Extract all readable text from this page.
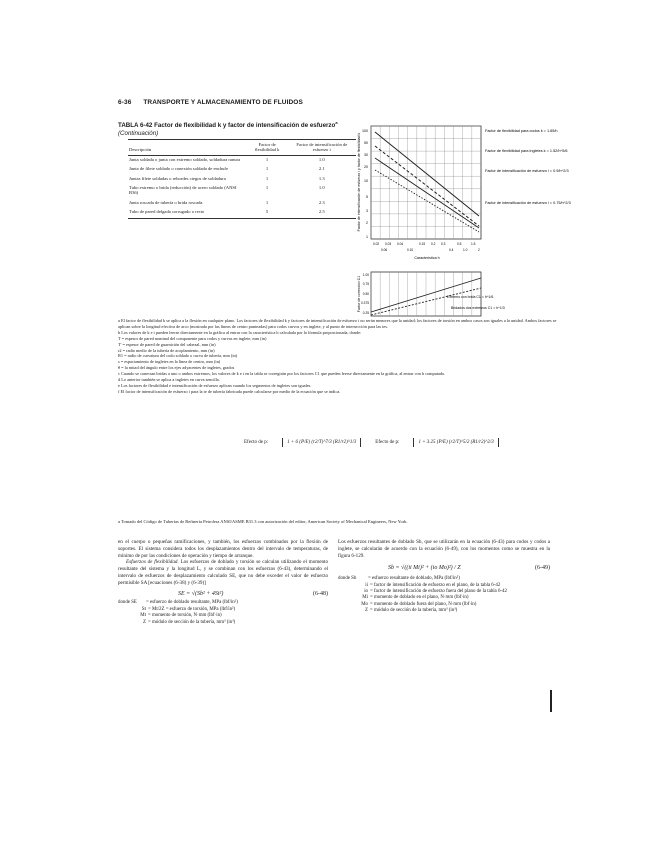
6-36 TRANSPORTE Y ALMACENAMIENTO DE FLUIDOS
TABLA 6-42 Factor de flexibilidad k y factor de intensificación de esfuerzo$^a$ (Continuación)
Descripción	Factor de flexibilidad k	Factor de intensificación de esfuerzo i
Junta soldada o junta con extremo soldado, soldadura ranura	1	1.0
Junta de filete soldado o conexión soldada de enchufe	1	2.1
Juntas filete soldadas o rebordes ciegos de soldadura	1	1.3
Tubo extremo o brida (reducción) de acero soldado (ANSI B36)	1	1.0
Junta roscada de tubería o brida roscada	1	2.3
Tubo de pared delgada corrugado o recto	5	2.5	Factor de intensificación de esfuerzo i y factor de flexibilidad k
100
50
30
20
10
5
3
2
1
0.02 0.03 0.04
0.06	0.10
0.15 0.2 0.3
0.4
0.5
1.0
1.5
2
Característica h
Factor de flexibilidad para codos k = 1.65/h
Factor de flexibilidad para ingletes k = 1.52/h^5/6
Factor de intensificación de esfuerzo i = 0.9/h^2/3
Factor de intensificación de esfuerzo i = 0.75/h^2/3
Factor de corrección C1
1.00
0.75
0.50
0.375
0.25
Extremo con brida C1 = h^1/6
Bridados dos extremos C1 = h^1/3

a El factor de flexibilidad k se aplica a la flexión en cualquier plano. Los factores de flexibilidad k y factores de intensificación de esfuerzo i no serán menores que la unidad; los factores de torsión en ambos casos son iguales a la unidad. Ambos factores se aplican sobre la longitud efectiva de arco (mostrada por las líneas de centro punteadas) para codos curvos y en inglete, y al punto de intersección para las tes.

b Los valores de k e i pueden leerse directamente en la gráfica al entrar con la característica h calculada por la fórmula proporcionada, donde:

T = espesor de pared nominal del componente para codos y curvas en inglete, mm (in)

T' = espesor de pared de guarnición del cabezal, mm (in)

r2 = radio medio de la tubería de acoplamiento, mm (in)

R1 = radio de curvatura del codo soldado o curva de tubería, mm (in)

s = espaciamiento de ingletes en la línea de centro, mm (in)

θ = la mitad del ángulo entre los ejes adyacentes de ingletes, grados

c Cuando se conectan bridas a uno o ambos extremos, los valores de k e i en la tabla se corregirán por los factores C1 que pueden leerse directamente en la gráfica, al entrar con h computado.

d Lo anterior también se aplica a ingletes en curva sencilla.

e Los factores de flexibilidad e intensificación de esfuerzo aplican cuando los segmentos de ingletes son iguales.

f El factor de intensificación de esfuerzo i para la te de tubería fabricada puede calcularse por medio de la ecuación que se indica.

Efecto de p:	1 + 6 (P/E) (r2/T)^7/3 (R1/r2)^1/3	Efecto de p:	1 + 3.25 (P/E) (r2/T)^5/2 (R1/r2)^2/3
a Tomado del Código de Tuberías de Refinería Petrolera ANSI/ASME B31.3 con autorización del editor, American Society of Mechanical Engineers, New York.

en el cuerpo o pequeñas ramificaciones, y también, los esfuerzos combinados por la flexión de soportes. El sistema considera todos los desplazamientos dentro del intervalo de temperaturas, de mínimo de por las condiciones de operación y tiempo de arranque.

Esfuerzos de flexibilidad. Los esfuerzos de doblado y torsión se calculan utilizando el momento resultante del sistema y la longitud L, y se combinan con los esfuerzos (6-43), determinando el intervalo de esfuerzos de desplazamiento calculado SE, que no debe exceder el valor de esfuerzo permisible SA [ecuaciones (6-38) y (6-39)]

SE = √(Sb² + 4St²)	(6-48)
donde SE	= esfuerzo de doblado resultante, MPa (lbf/in²)
St = Mt/2Z = esfuerzo de torsión, MPa (lbf/in²)
Mt = momento de torsión, N·mm (lbf·in)
Z = módulo de sección de la tubería, mm³ (in³)

Los esfuerzos resultantes de doblado Sb, que se utilizarán en la ecuación (6-43) para codos y codos a inglete, se calcularán de acuerdo con la ecuación (6-49), con los momentos como se muestra en la figura 6-129.

Sb = √((ii Mi)² + (io Mo)²) / Z	(6-49)
donde Sb	= esfuerzo resultante de doblado, MPa (lbf/in²)
ii = factor de intensificación de esfuerzo en el plano, de la tabla 6-42
io = factor de intensificación de esfuerzo fuera del plano de la tabla 6-42
Mi = momento de doblado en el plano, N·mm (lbf·in)
Mo = momento de doblado fuera del plano, N·mm (lbf·in)
Z = módulo de sección de la tubería, mm³ (in³)
